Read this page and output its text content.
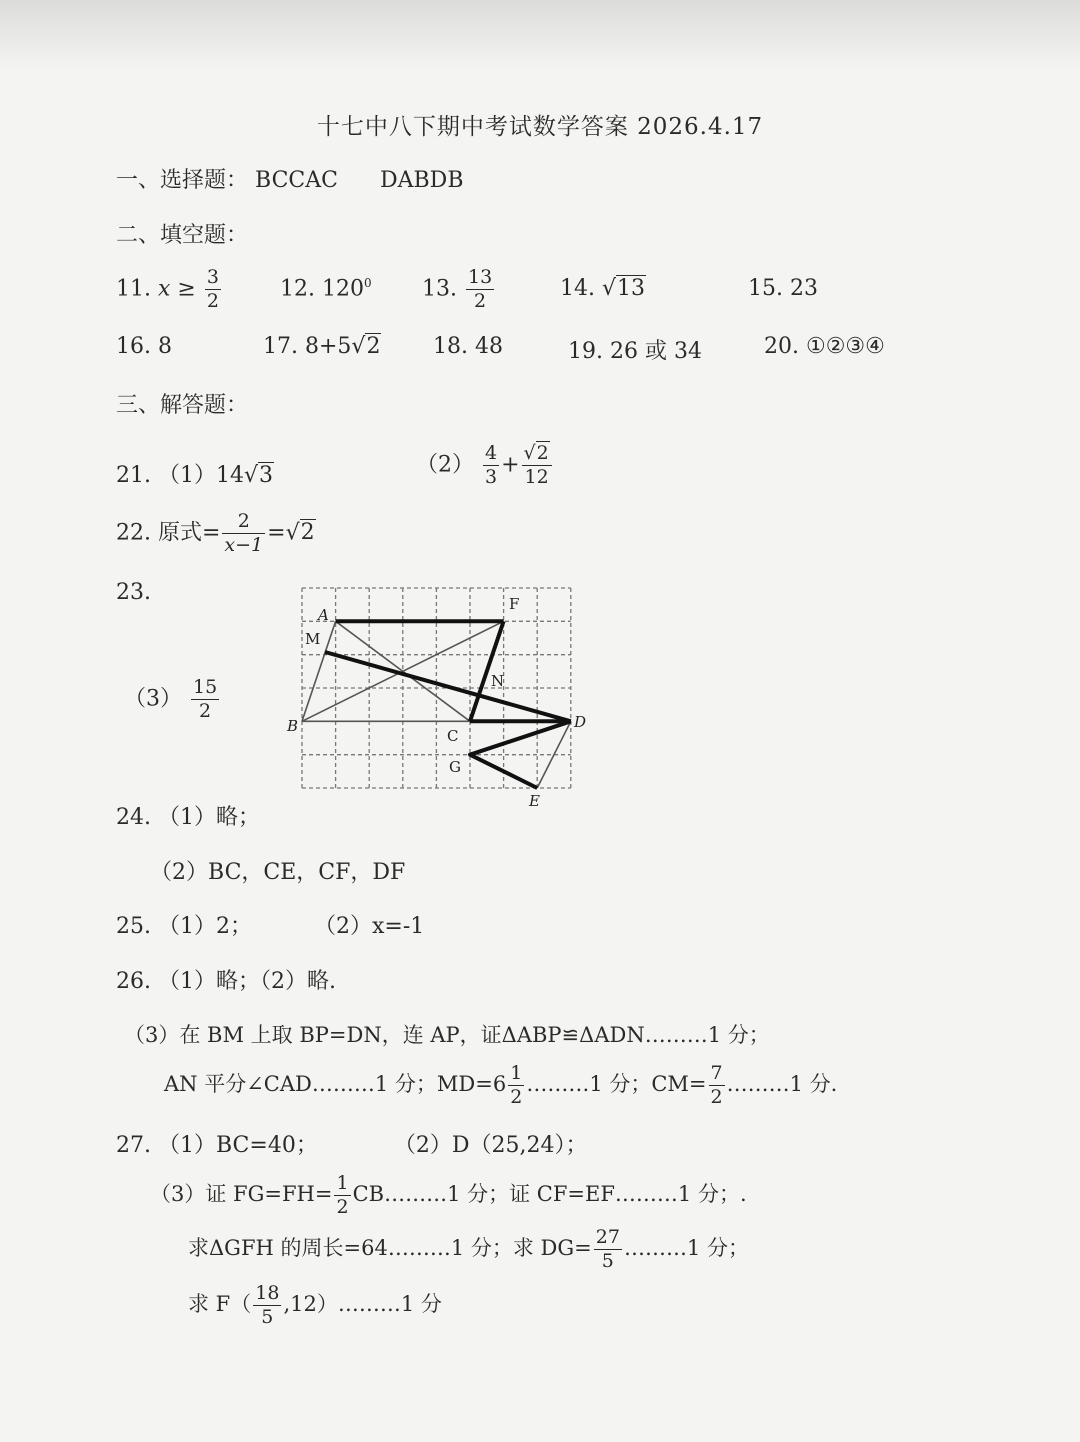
十七中八下期中考试数学答案 2026.4.17
一、选择题： BCCAC DABDB
二、填空题：
11. $x \ge \frac{3}{2}$	12. $120^0$ 13. $\frac{13}{2}$	14. √13	15. 23
16. 8	17. 8+5√2 18. 48	19. 26 或 34	20. ①②③④
三、解答题：
21. （1）14√3	$(2) \frac{4}{3} + \frac{√2}{12}$
22. 原式= $\frac{2}{x-1} =√2$
23.
$(3) \frac{15}{2}$
A
F
M
N
B
C
D
G
E
24. （1）略；
（2）BC，CE，CF，DF
25. （1）2；	（2）x=-1
26. （1）略；（2）略.
（3）在 BM 上取 BP=DN，连 AP，证ΔABP≌ΔADN………1 分；
AN 平分∠CAD………1 分；$MD=6 \frac{1}{2}$ ………1 分；$CM= \frac{7}{2}$ ………1 分.
27. （1）BC=40；	（2）D（25,24）；
（3）证 $FG=FH= \frac{1}{2}$ CB………1 分；证 CF=EF………1 分；.
求ΔGFH 的周长=64………1 分；求 $DG= \frac{27}{5}$ ………1 分；
求 $F( \frac{18}{5}$ ,12）………1 分
